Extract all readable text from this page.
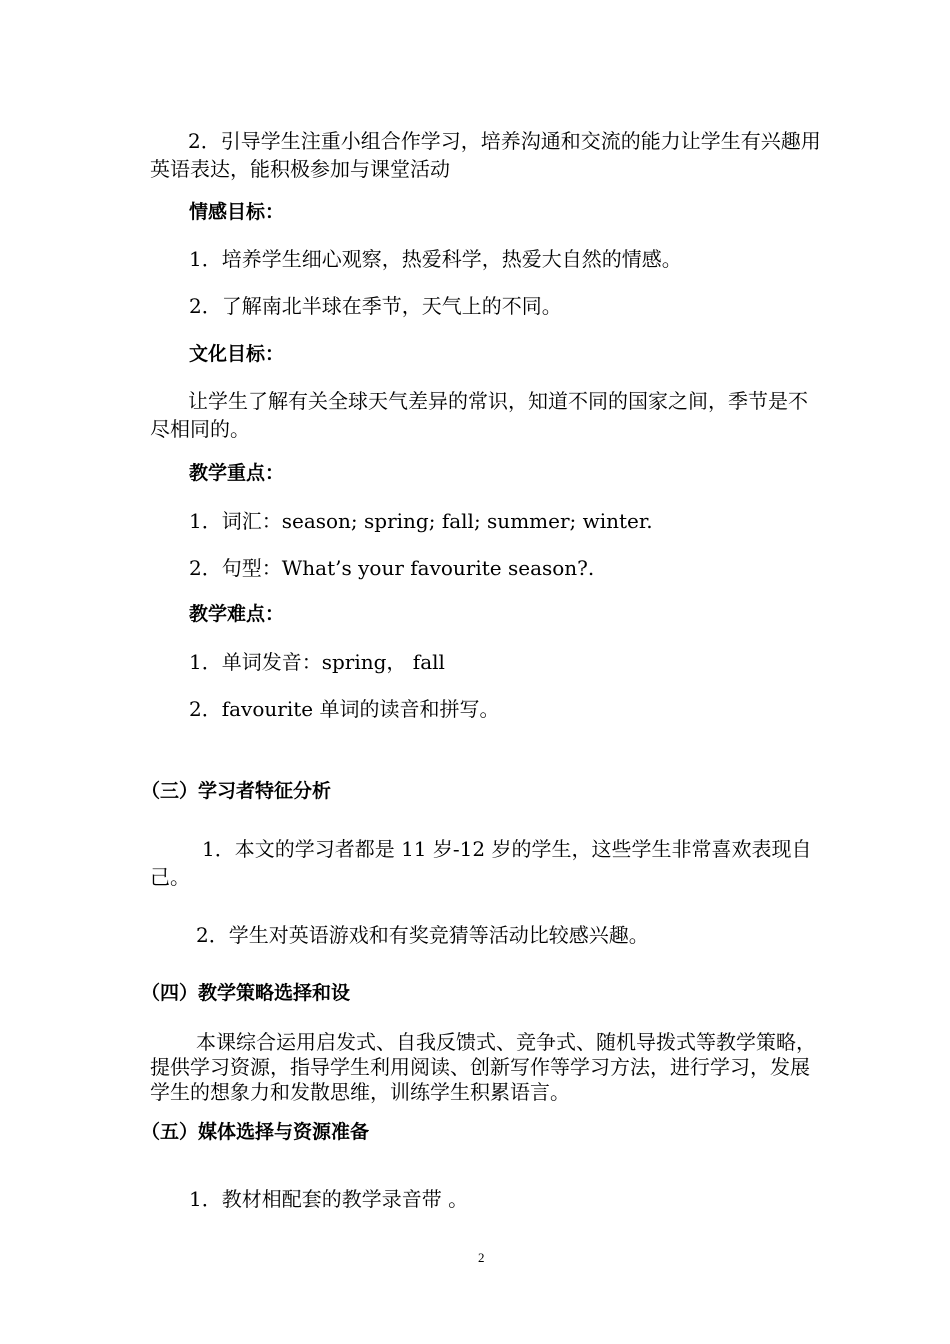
2．引导学生注重小组合作学习，培养沟通和交流的能力让学生有兴趣用英语表达，能积极参加与课堂活动
情感目标：
1．培养学生细心观察，热爱科学，热爱大自然的情感。
2．了解南北半球在季节，天气上的不同。
文化目标：
让学生了解有关全球天气差异的常识，知道不同的国家之间，季节是不尽相同的。
教学重点：
1．词汇：season; spring; fall; summer; winter.
2．句型：What’s your favourite season?.
教学难点：
1．单词发音：spring， fall
2．favourite 单词的读音和拼写。
（三）学习者特征分析
1．本文的学习者都是 11 岁-12 岁的学生，这些学生非常喜欢表现自己。
2．学生对英语游戏和有奖竞猜等活动比较感兴趣。
（四）教学策略选择和设
本课综合运用启发式、自我反馈式、竞争式、随机导拨式等教学策略，提供学习资源，指导学生利用阅读、创新写作等学习方法，进行学习，发展学生的想象力和发散思维，训练学生积累语言。
（五）媒体选择与资源准备
1．教材相配套的教学录音带 。
2
